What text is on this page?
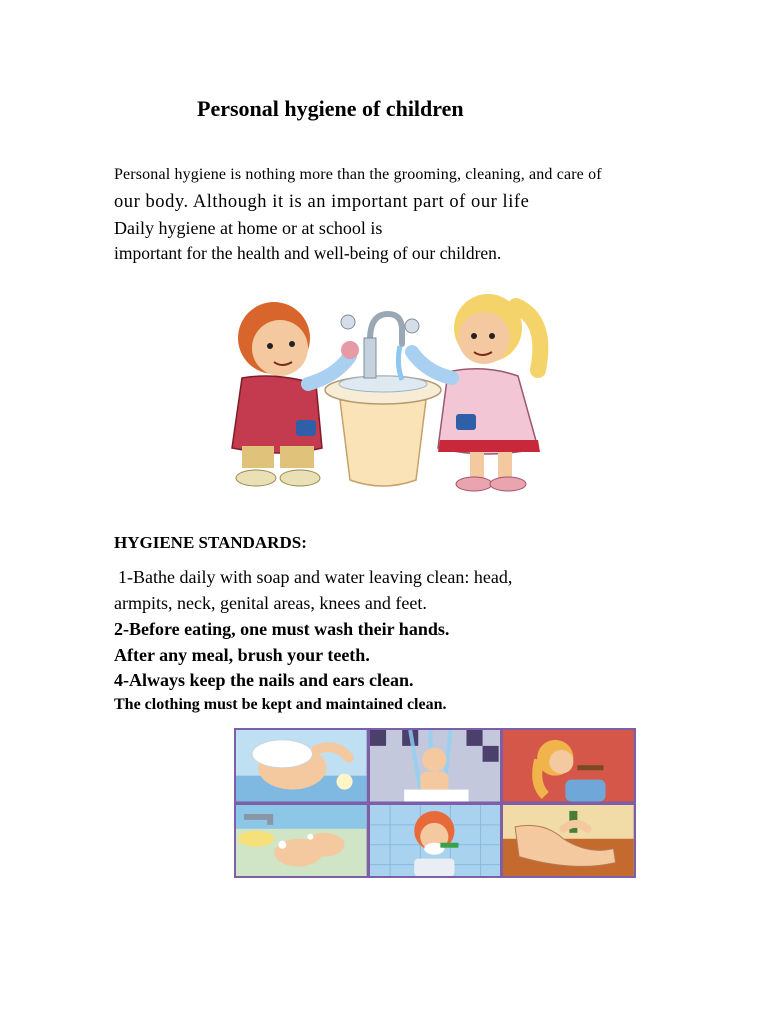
Personal hygiene of children

Personal hygiene is nothing more than the grooming, cleaning, and care of

our body. Although it is an important part of our life

Daily hygiene at home or at school is

important for the health and well-being of our children.

HYGIENE STANDARDS:

1-Bathe daily with soap and water leaving clean: head,

armpits, neck, genital areas, knees and feet.

2-Before eating, one must wash their hands.

After any meal, brush your teeth.

4-Always keep the nails and ears clean.

The clothing must be kept and maintained clean.
